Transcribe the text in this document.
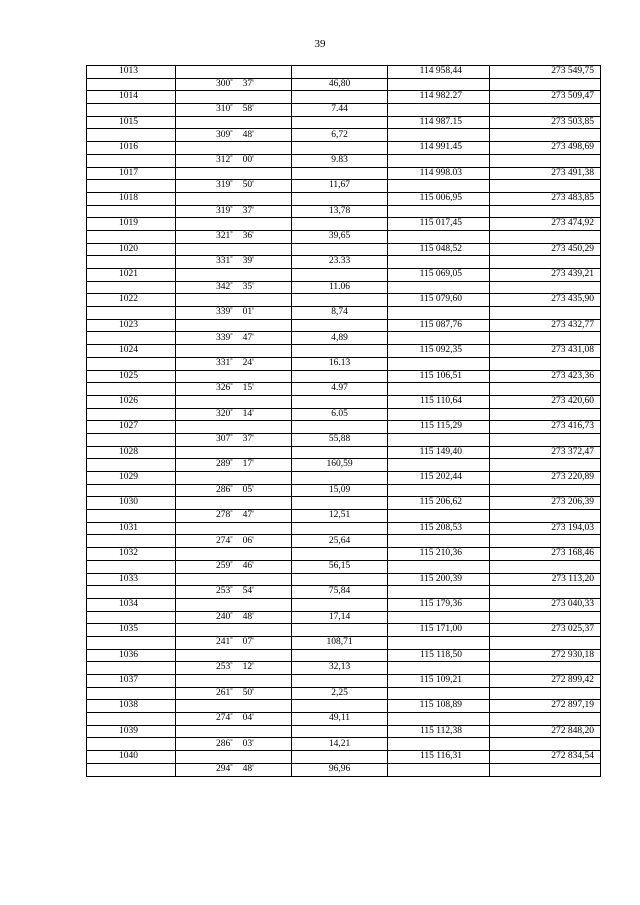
39
1013			114 958,44	273 549,75
	300° 37'	46,80		
1014			114 982.27	273 509,47
	310° 58'	7.44		
1015			114 987.15	273 503,85
	309° 48'	6,72		
1016			114 991.45	273 498,69
	312° 00'	9.83		
1017			114 998.03	273 491,38
	319° 50'	11,67		
1018			115 006,95	273 483,85
	319° 37'	13,78		
1019			115 017,45	273 474,92
	321° 36'	39,65		
1020			115 048,52	273 450,29
	331° 39'	23.33		
1021			115 069,05	273 439,21
	342° 35'	11.06		
1022			115 079,60	273 435,90
	339° 01'	8,74		
1023			115 087,76	273 432,77
	339° 47'	4,89		
1024			115 092,35	273 431,08
	331° 24'	16.13		
1025			115 106,51	273 423,36
	326° 15'	4.97		
1026			115 110,64	273 420,60
	320° 14'	6.05		
1027			115 115,29	273 416,73
	307° 37'	55,88		
1028			115 149,40	273 372,47
	289° 17'	160,59		
1029			115 202,44	273 220,89
	286° 05'	15,09		
1030			115 206,62	273 206,39
	278° 47'	12,51		
1031			115 208,53	273 194,03
	274° 06'	25,64		
1032			115 210,36	273 168,46
	259° 46'	56,15		
1033			115 200,39	273 113,20
	253° 54'	75,84		
1034			115 179,36	273 040,33
	240° 48'	17,14		
1035			115 171,00	273 025,37
	241° 07'	108,71		
1036			115 118,50	272 930,18
	253° 12'	32,13		
1037			115 109,21	272 899,42
	261° 50'	2,25		
1038			115 108,89	272 897,19
	274° 04'	49,11		
1039			115 112,38	272 848,20
	286° 03'	14,21		
1040			115 116,31	272 834,54
	294° 48'	96,96		
